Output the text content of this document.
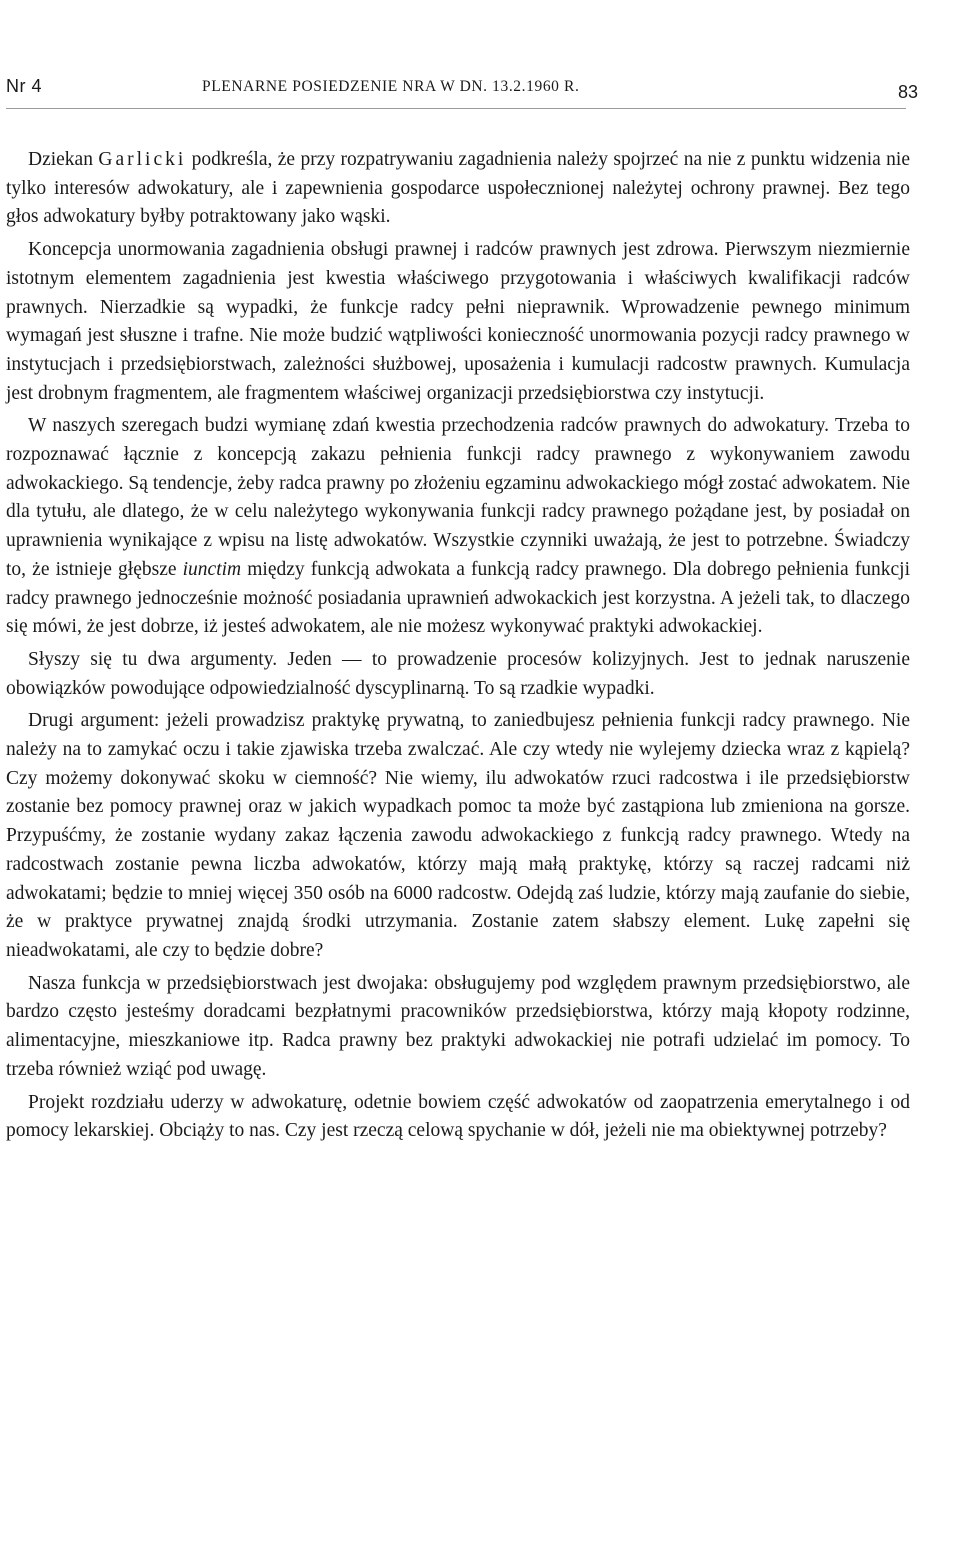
Nr 4	PLENARNE POSIEDZENIE NRA W DN. 13.2.1960 R.	83

Dziekan Garlicki podkreśla, że przy rozpatrywaniu zagadnienia należy spojrzeć na nie z punktu widzenia nie tylko interesów adwokatury, ale i zapewnienia gospodarce uspołecznionej należytej ochrony prawnej. Bez tego głos adwokatury byłby potraktowany jako wąski.

Koncepcja unormowania zagadnienia obsługi prawnej i radców prawnych jest zdrowa. Pierwszym niezmiernie istotnym elementem zagadnienia jest kwestia właściwego przygotowania i właściwych kwalifikacji radców prawnych. Nierzadkie są wypadki, że funkcje radcy pełni nieprawnik. Wprowadzenie pewnego minimum wymagań jest słuszne i trafne. Nie może budzić wątpliwości konieczność unormowania pozycji radcy prawnego w instytucjach i przedsiębiorstwach, zależności służbowej, uposażenia i kumulacji radcostw prawnych. Kumulacja jest drobnym fragmentem, ale fragmentem właściwej organizacji przedsiębiorstwa czy instytucji.

W naszych szeregach budzi wymianę zdań kwestia przechodzenia radców prawnych do adwokatury. Trzeba to rozpoznawać łącznie z koncepcją zakazu pełnienia funkcji radcy prawnego z wykonywaniem zawodu adwokackiego. Są tendencje, żeby radca prawny po złożeniu egzaminu adwokackiego mógł zostać adwokatem. Nie dla tytułu, ale dlatego, że w celu należytego wykonywania funkcji radcy prawnego pożądane jest, by posiadał on uprawnienia wynikające z wpisu na listę adwokatów. Wszystkie czynniki uważają, że jest to potrzebne. Świadczy to, że istnieje głębsze iunctim między funkcją adwokata a funkcją radcy prawnego. Dla dobrego pełnienia funkcji radcy prawnego jednocześnie możność posiadania uprawnień adwokackich jest korzystna. A jeżeli tak, to dlaczego się mówi, że jest dobrze, iż jesteś adwokatem, ale nie możesz wykonywać praktyki adwokackiej.

Słyszy się tu dwa argumenty. Jeden — to prowadzenie procesów kolizyjnych. Jest to jednak naruszenie obowiązków powodujące odpowiedzialność dyscyplinarną. To są rzadkie wypadki.

Drugi argument: jeżeli prowadzisz praktykę prywatną, to zaniedbujesz pełnienia funkcji radcy prawnego. Nie należy na to zamykać oczu i takie zjawiska trzeba zwalczać. Ale czy wtedy nie wylejemy dziecka wraz z kąpielą? Czy możemy dokonywać skoku w ciemność? Nie wiemy, ilu adwokatów rzuci radcostwa i ile przedsiębiorstw zostanie bez pomocy prawnej oraz w jakich wypadkach pomoc ta może być zastąpiona lub zmieniona na gorsze. Przypuśćmy, że zostanie wydany zakaz łączenia zawodu adwokackiego z funkcją radcy prawnego. Wtedy na radcostwach zostanie pewna liczba adwokatów, którzy mają małą praktykę, którzy są raczej radcami niż adwokatami; będzie to mniej więcej 350 osób na 6000 radcostw. Odejdą zaś ludzie, którzy mają zaufanie do siebie, że w praktyce prywatnej znajdą środki utrzymania. Zostanie zatem słabszy element. Lukę zapełni się nieadwokatami, ale czy to będzie dobre?

Nasza funkcja w przedsiębiorstwach jest dwojaka: obsługujemy pod względem prawnym przedsiębiorstwo, ale bardzo często jesteśmy doradcami bezpłatnymi pracowników przedsiębiorstwa, którzy mają kłopoty rodzinne, alimentacyjne, mieszkaniowe itp. Radca prawny bez praktyki adwokackiej nie potrafi udzielać im pomocy. To trzeba również wziąć pod uwagę.

Projekt rozdziału uderzy w adwokaturę, odetnie bowiem część adwokatów od zaopatrzenia emerytalnego i od pomocy lekarskiej. Obciąży to nas. Czy jest rzeczą celową spychanie w dół, jeżeli nie ma obiektywnej potrzeby?
